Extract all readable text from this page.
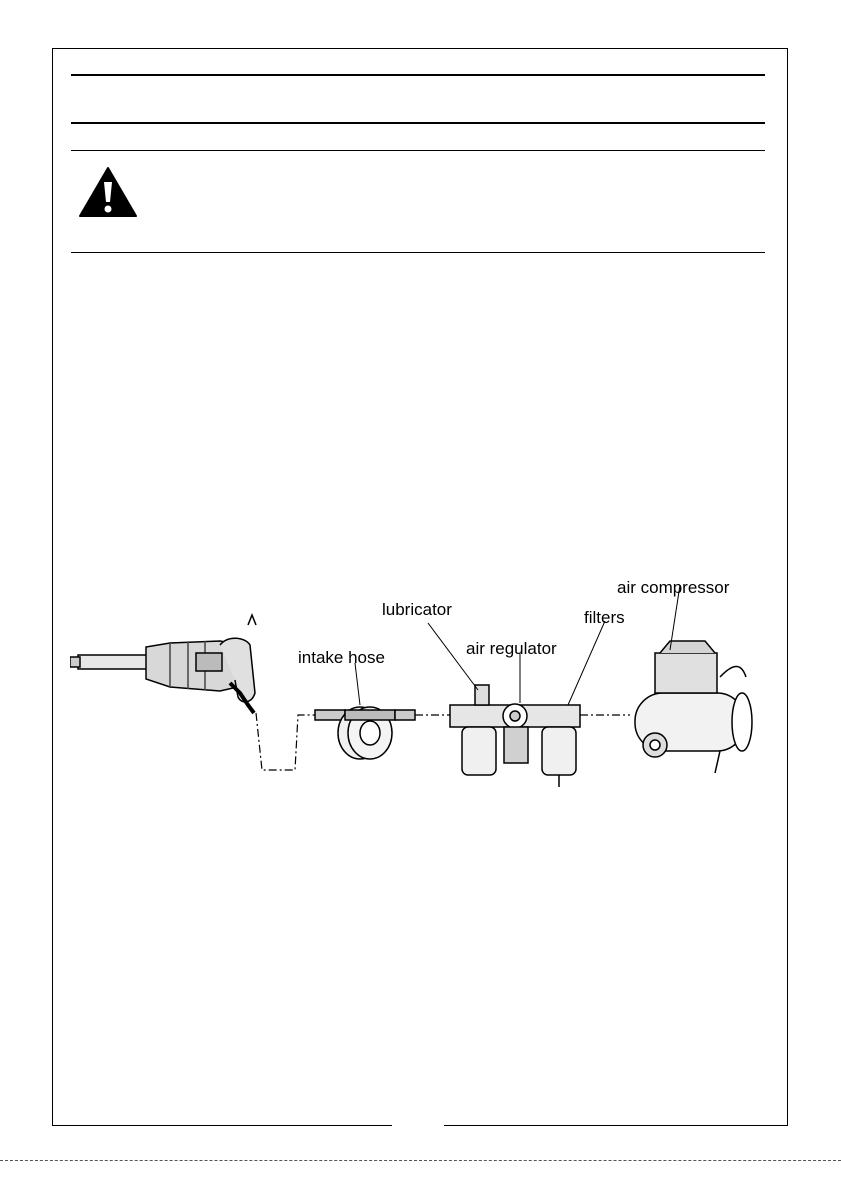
lubricator
intake hose	air regulator
filters
air compressor
